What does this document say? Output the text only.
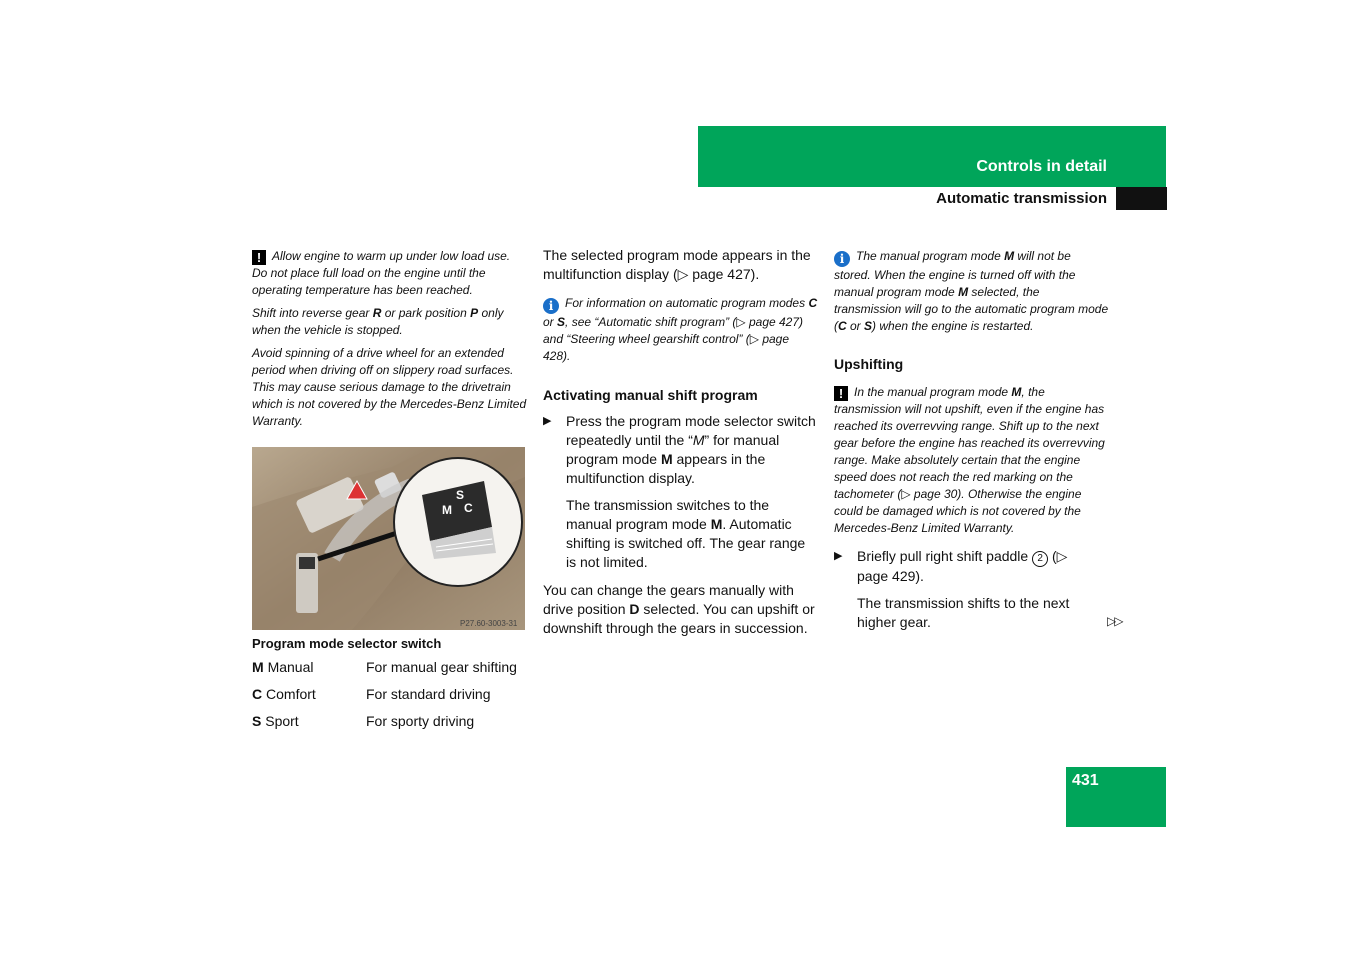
Controls in detail
Automatic transmission

! Allow engine to warm up under low load use. Do not place full load on the engine until the operating temperature has been reached.

Shift into reverse gear R or park position P only when the vehicle is stopped.

Avoid spinning of a drive wheel for an extended period when driving off on slippery road surfaces. This may cause serious damage to the drivetrain which is not covered by the Mercedes-Benz Limited Warranty.

S
M C
P27.60-3003-31
Program mode selector switch
M Manual	For manual gear shifting
C Comfort	For standard driving
S Sport	For sporty driving

The selected program mode appears in the multifunction display (▷ page 427).

i For information on automatic program modes C or S, see “Automatic shift program” (▷ page 427) and “Steering wheel gearshift control” (▷ page 428).

Activating manual shift program

▶ Press the program mode selector switch repeatedly until the “M” for manual program mode M appears in the multifunction display.

The transmission switches to the manual program mode M. Automatic shifting is switched off. The gear range is not limited.

You can change the gears manually with drive position D selected. You can upshift or downshift through the gears in succession.

i The manual program mode M will not be stored. When the engine is turned off with the manual program mode M selected, the transmission will go to the automatic program mode (C or S) when the engine is restarted.

Upshifting

! In the manual program mode M, the transmission will not upshift, even if the engine has reached its overrevving range. Shift up to the next gear before the engine has reached its overrevving range. Make absolutely certain that the engine speed does not reach the red marking on the tachometer (▷ page 30). Otherwise the engine could be damaged which is not covered by the Mercedes-Benz Limited Warranty.

▶ Briefly pull right shift paddle 2 (▷ page 429).

The transmission shifts to the next higher gear.	▷▷
431
